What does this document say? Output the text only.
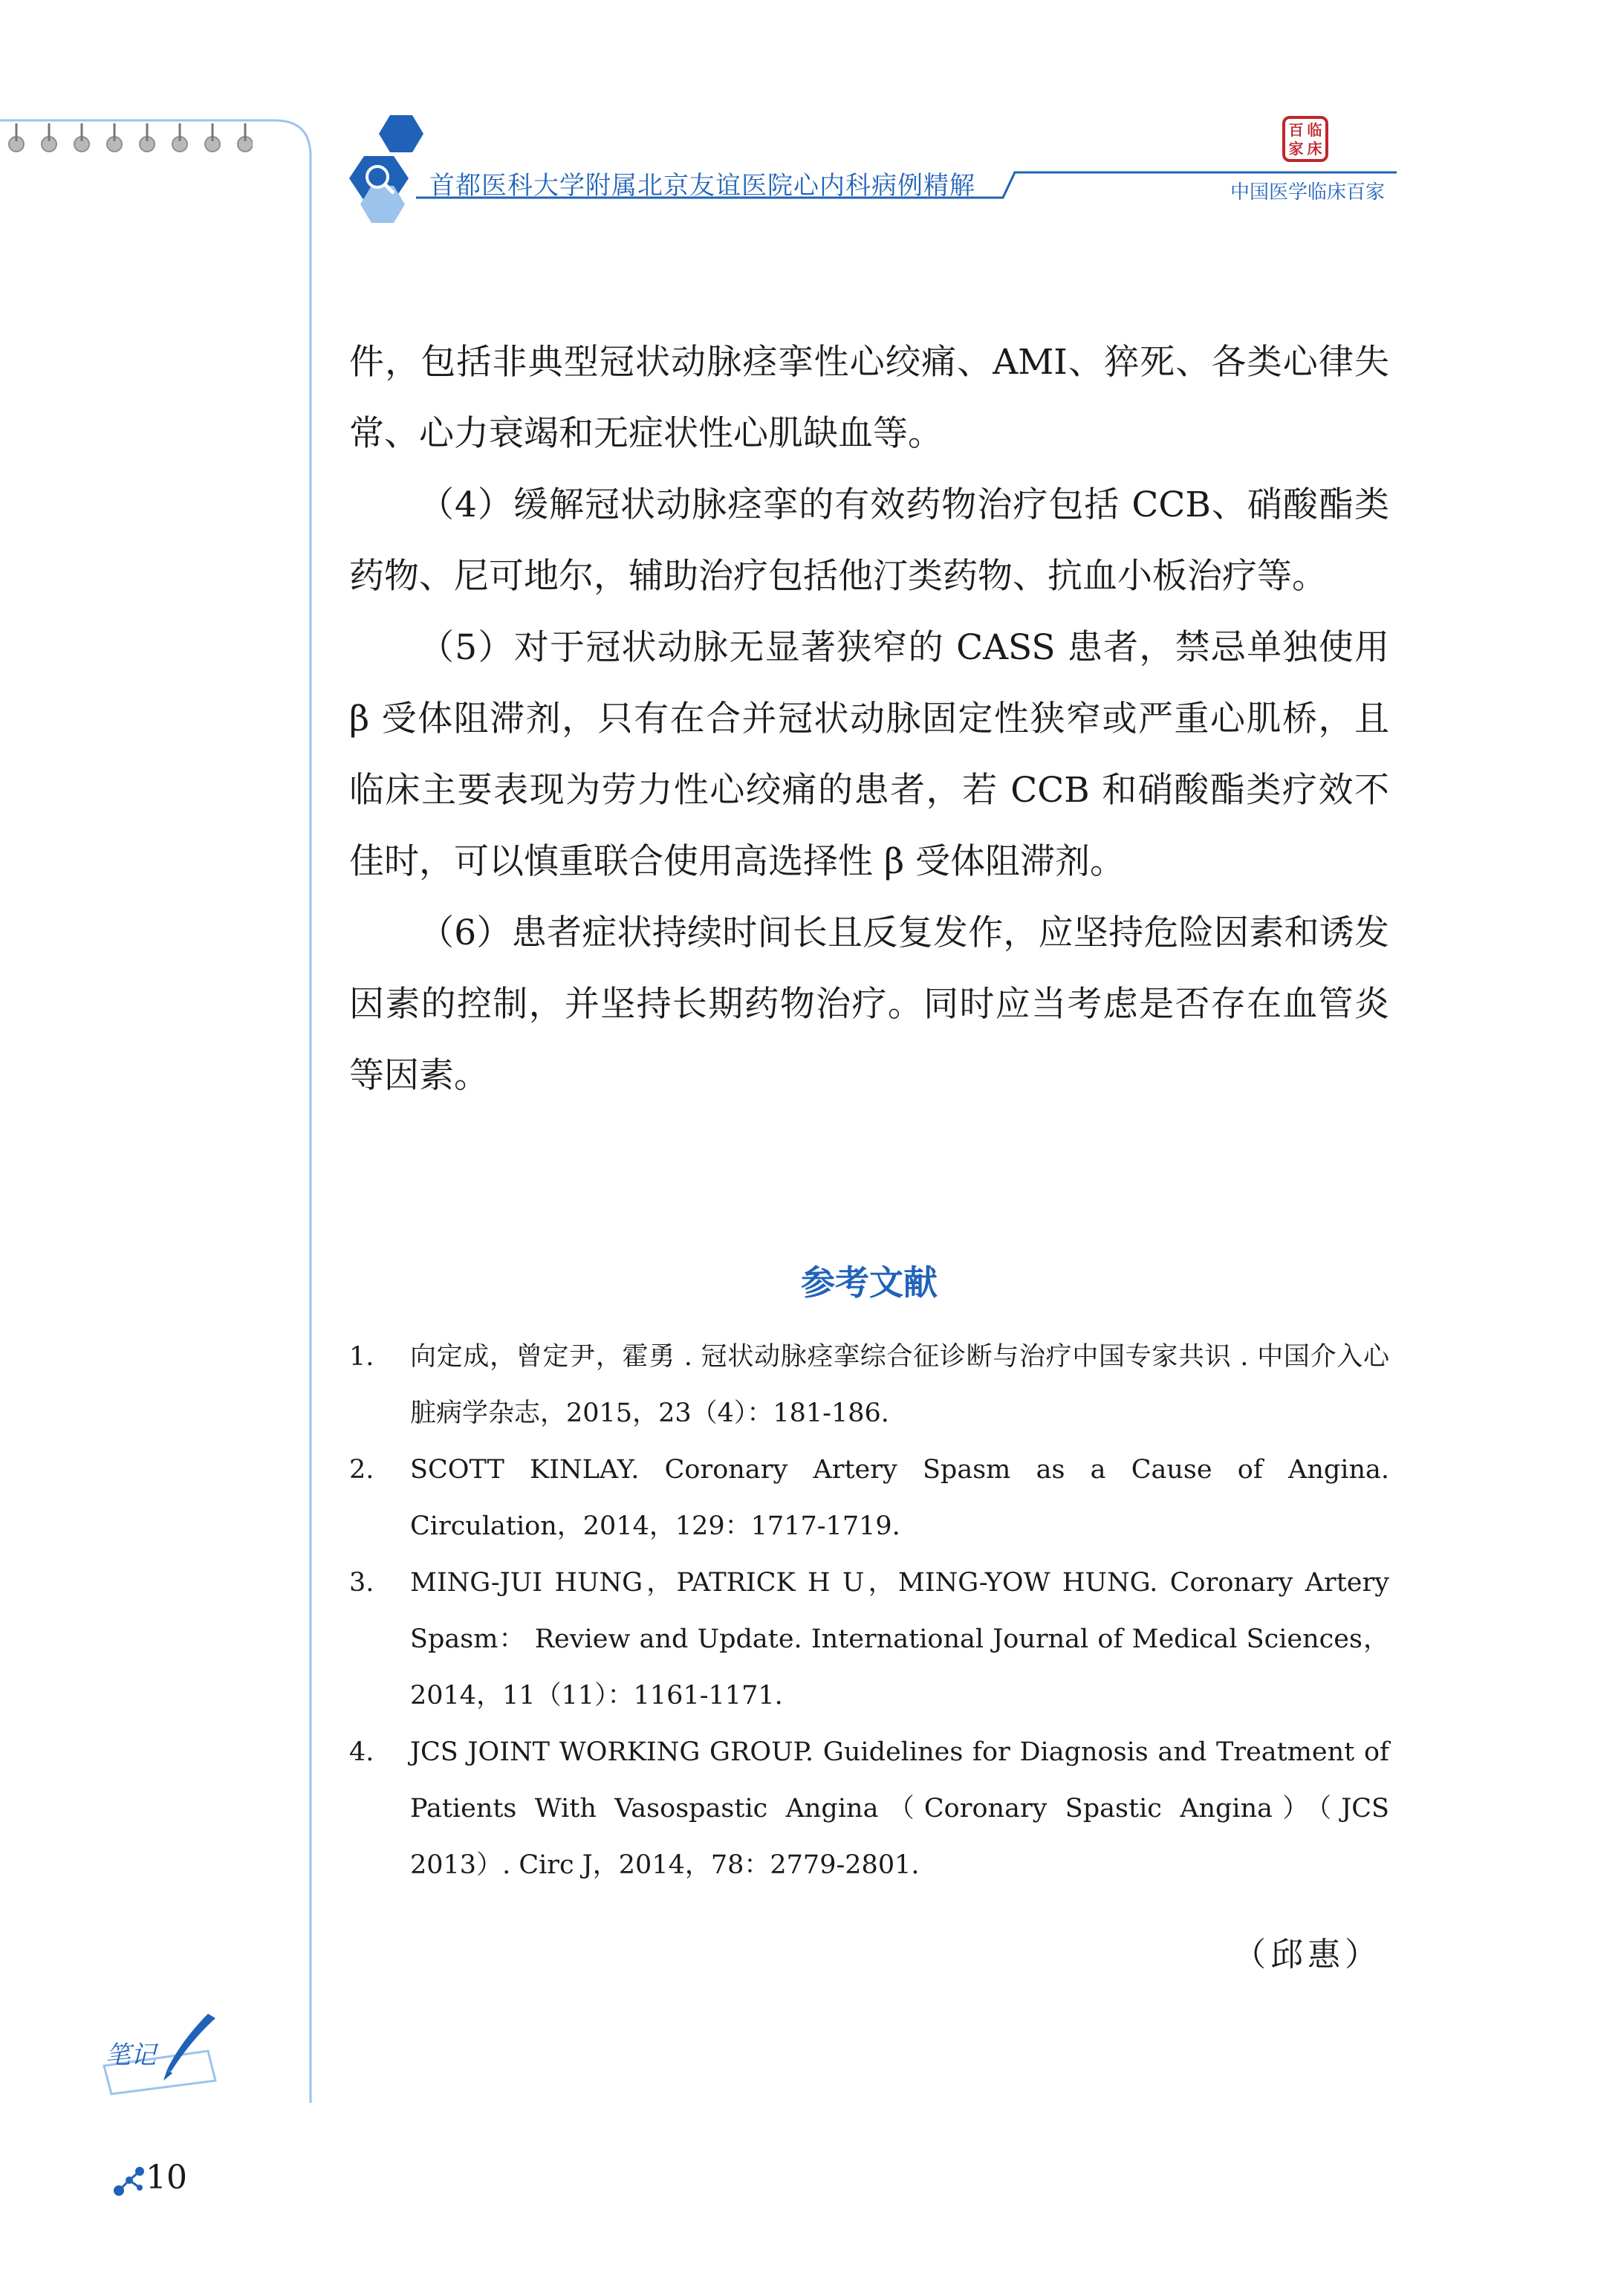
首都医科大学附属北京友谊医院心内科病例精解
百 临
家 床
中国医学临床百家

件，包括非典型冠状动脉痉挛性心绞痛、AMI、猝死、各类心律失常、心力衰竭和无症状性心肌缺血等。

（4）缓解冠状动脉痉挛的有效药物治疗包括 CCB、硝酸酯类药物、尼可地尔，辅助治疗包括他汀类药物、抗血小板治疗等。

（5）对于冠状动脉无显著狭窄的 CASS 患者，禁忌单独使用 β 受体阻滞剂，只有在合并冠状动脉固定性狭窄或严重心肌桥，且临床主要表现为劳力性心绞痛的患者，若 CCB 和硝酸酯类疗效不佳时，可以慎重联合使用高选择性 β 受体阻滞剂。

（6）患者症状持续时间长且反复发作，应坚持危险因素和诱发因素的控制，并坚持长期药物治疗。同时应当考虑是否存在血管炎等因素。

参考文献
1. 向定成，曾定尹，霍勇 . 冠状动脉痉挛综合征诊断与治疗中国专家共识 . 中国介入心脏病学杂志，2015，23（4）：181-186.
2. SCOTT KINLAY. Coronary Artery Spasm as a Cause of Angina. Circulation，2014，129：1717-1719.
3. MING-JUI HUNG，PATRICK H U，MING-YOW HUNG. Coronary Artery Spasm： Review and Update. International Journal of Medical Sciences，2014，11（11）：1161-1171.
4. JCS JOINT WORKING GROUP. Guidelines for Diagnosis and Treatment of Patients With Vasospastic Angina（Coronary Spastic Angina）（JCS 2013）. Circ J，2014，78：2779-2801.
（邱惠）
笔记
10
